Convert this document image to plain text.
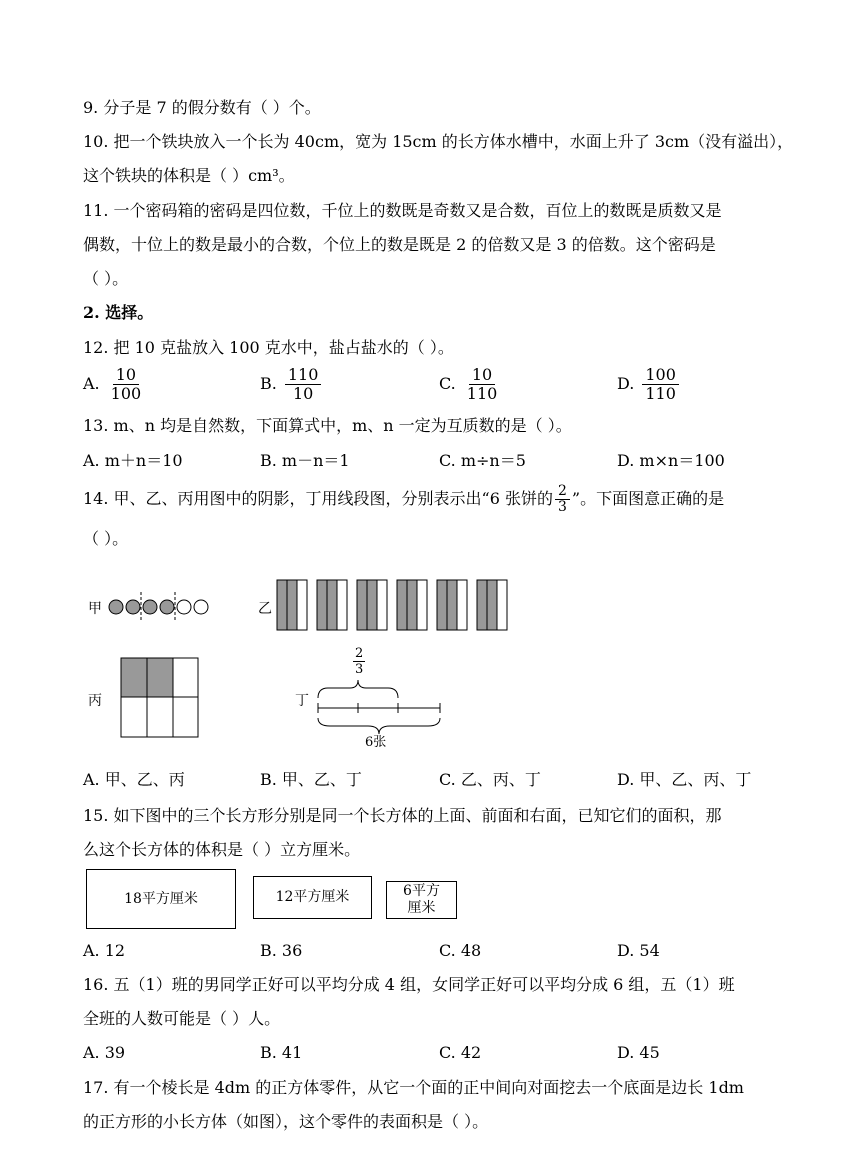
9. 分子是 7 的假分数有（ ）个。
10. 把一个铁块放入一个长为 40cm，宽为 15cm 的长方体水槽中，水面上升了 3cm（没有溢出），
这个铁块的体积是（ ）cm³。
11. 一个密码箱的密码是四位数，千位上的数既是奇数又是合数，百位上的数既是质数又是
偶数，十位上的数是最小的合数，个位上的数是既是 2 的倍数又是 3 的倍数。这个密码是
（ ）。
2. 选择。
12. 把 10 克盐放入 100 克水中，盐占盐水的（ ）。
A. $\frac{10}{100}$	B. $\frac{110}{10}$	C. $\frac{10}{110}$	D. $\frac{100}{110}$
13. m、n 均是自然数，下面算式中，m、n 一定为互质数的是（ ）。
A. m＋n＝10	B. m－n＝1	C. m÷n＝5	D. m×n＝100
14. 甲、乙、丙用图中的阴影，丁用线段图，分别表示出“6 张饼的 $\frac{2}{3}$ ”。下面图意正确的是
（ ）。
甲	乙
丙	丁
2
3
6张
A. 甲、乙、丙	B. 甲、乙、丁	C. 乙、丙、丁	D. 甲、乙、丙、丁
15. 如下图中的三个长方形分别是同一个长方体的上面、前面和右面，已知它们的面积，那
么这个长方体的体积是（ ）立方厘米。
18平方厘米	12平方厘米	6平方
厘米
A. 12	B. 36	C. 48	D. 54
16. 五（1）班的男同学正好可以平均分成 4 组，女同学正好可以平均分成 6 组，五（1）班
全班的人数可能是（ ）人。
A. 39	B. 41	C. 42	D. 45
17. 有一个棱长是 4dm 的正方体零件，从它一个面的正中间向对面挖去一个底面是边长 1dm
的正方形的小长方体（如图），这个零件的表面积是（ ）。
